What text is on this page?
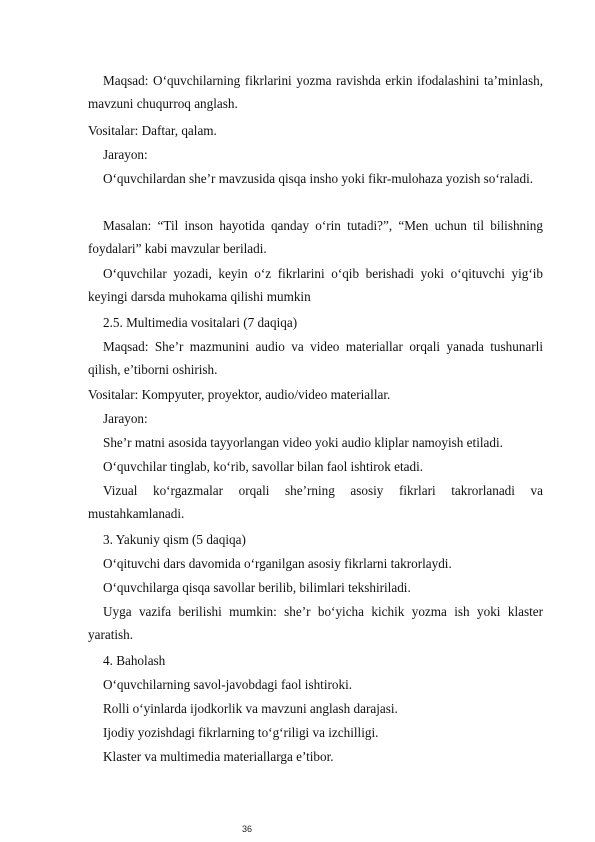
Maqsad: O‘quvchilarning fikrlarini yozma ravishda erkin ifodalashini ta’minlash, mavzuni chuqurroq anglash.
Vositalar: Daftar, qalam.
Jarayon:
O‘quvchilardan she’r mavzusida qisqa insho yoki fikr-mulohaza yozish so‘raladi.
Masalan: “Til inson hayotida qanday o‘rin tutadi?”, “Men uchun til bilishning foydalari” kabi mavzular beriladi.
O‘quvchilar yozadi, keyin o‘z fikrlarini o‘qib berishadi yoki o‘qituvchi yig‘ib keyingi darsda muhokama qilishi mumkin
2.5. Multimedia vositalari (7 daqiqa)
Maqsad: She’r mazmunini audio va video materiallar orqali yanada tushunarli qilish, e’tiborni oshirish.
Vositalar: Kompyuter, proyektor, audio/video materiallar.
Jarayon:
She’r matni asosida tayyorlangan video yoki audio kliplar namoyish etiladi.
O‘quvchilar tinglab, ko‘rib, savollar bilan faol ishtirok etadi.
Vizual ko‘rgazmalar orqali she’rning asosiy fikrlari takrorlanadi va mustahkamlanadi.
3. Yakuniy qism (5 daqiqa)
O‘qituvchi dars davomida o‘rganilgan asosiy fikrlarni takrorlaydi.
O‘quvchilarga qisqa savollar berilib, bilimlari tekshiriladi.
Uyga vazifa berilishi mumkin: she’r bo‘yicha kichik yozma ish yoki klaster yaratish.
4. Baholash
O‘quvchilarning savol-javobdagi faol ishtiroki.
Rolli o‘yinlarda ijodkorlik va mavzuni anglash darajasi.
Ijodiy yozishdagi fikrlarning to‘g‘riligi va izchilligi.
Klaster va multimedia materiallarga e’tibor.
36
